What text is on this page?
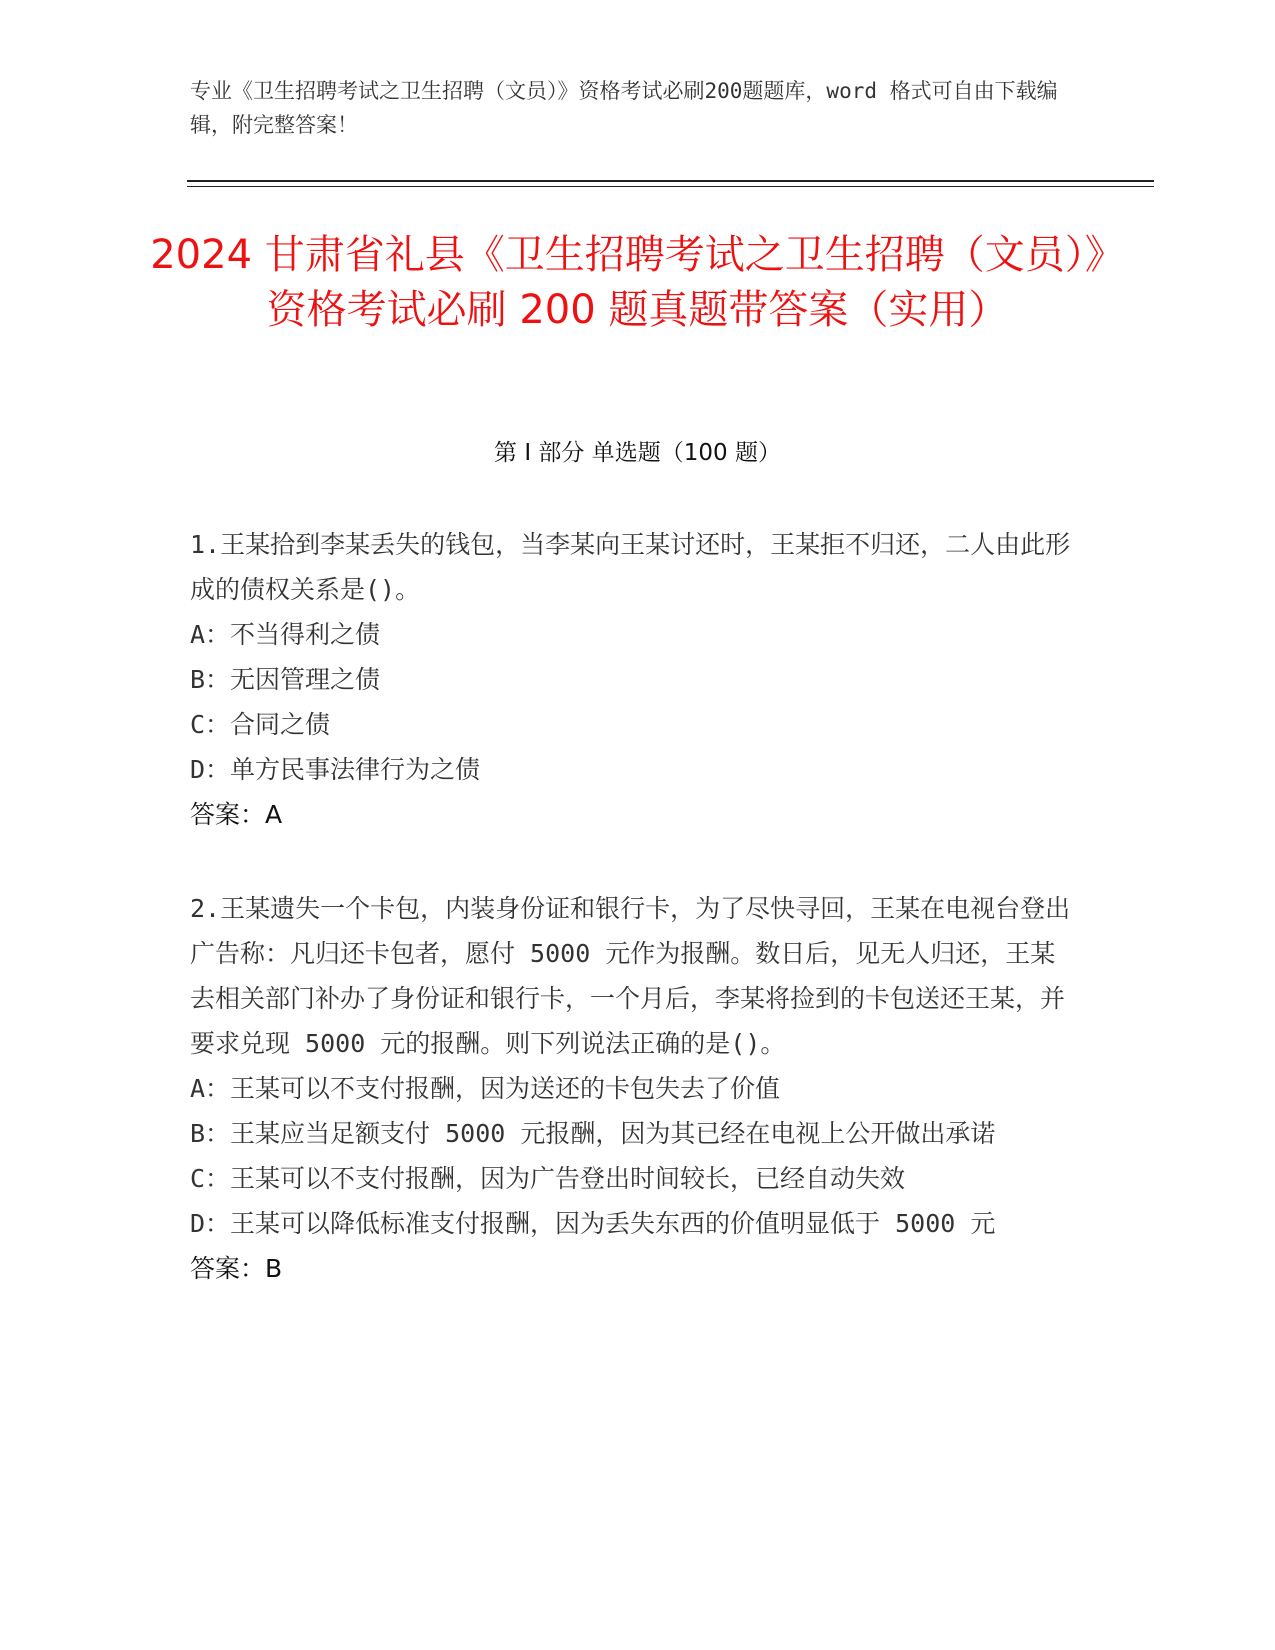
专业《卫生招聘考试之卫生招聘（文员）》资格考试必刷200题题库，word 格式可自由下载编辑，附完整答案！
2024 甘肃省礼县《卫生招聘考试之卫生招聘（文员）》资格考试必刷 200 题真题带答案（实用）
第 I 部分 单选题（100 题）

1.王某拾到李某丢失的钱包，当李某向王某讨还时，王某拒不归还，二人由此形成的债权关系是()。

A：不当得利之债

B：无因管理之债

C：合同之债

D：单方民事法律行为之债

答案：A

2.王某遗失一个卡包，内装身份证和银行卡，为了尽快寻回，王某在电视台登出广告称：凡归还卡包者，愿付 5000 元作为报酬。数日后，见无人归还，王某去相关部门补办了身份证和银行卡，一个月后，李某将捡到的卡包送还王某，并要求兑现 5000 元的报酬。则下列说法正确的是()。

A：王某可以不支付报酬，因为送还的卡包失去了价值

B：王某应当足额支付 5000 元报酬，因为其已经在电视上公开做出承诺

C：王某可以不支付报酬，因为广告登出时间较长，已经自动失效

D：王某可以降低标准支付报酬，因为丢失东西的价值明显低于 5000 元

答案：B
